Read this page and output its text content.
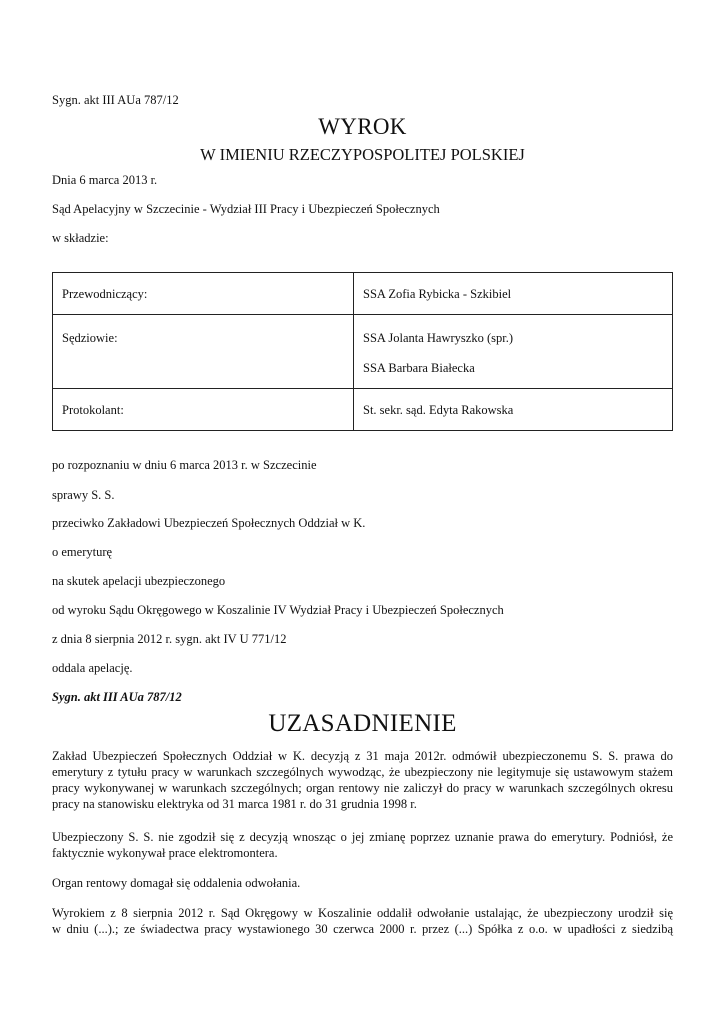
Sygn. akt III AUa 787/12
WYROK
W IMIENIU RZECZYPOSPOLITEJ POLSKIEJ
Dnia 6 marca 2013 r.
Sąd Apelacyjny w Szczecinie - Wydział III Pracy i Ubezpieczeń Społecznych
w składzie:
Przewodniczący:	SSA Zofia Rybicka - Szkibiel

Sędziowie:	SSA Jolanta Hawryszko (spr.)
SSA Barbara Białecka

Protokolant:	St. sekr. sąd. Edyta Rakowska
po rozpoznaniu w dniu 6 marca 2013 r. w Szczecinie
sprawy S. S.
przeciwko Zakładowi Ubezpieczeń Społecznych Oddział w K.
o emeryturę
na skutek apelacji ubezpieczonego
od wyroku Sądu Okręgowego w Koszalinie IV Wydział Pracy i Ubezpieczeń Społecznych
z dnia 8 sierpnia 2012 r. sygn. akt IV U 771/12
oddala apelację.
Sygn. akt III AUa 787/12
UZASADNIENIE
Zakład Ubezpieczeń Społecznych Oddział w K. decyzją z 31 maja 2012r. odmówił ubezpieczonemu S. S. prawa do
emerytury z tytułu pracy w warunkach szczególnych wywodząc, że ubezpieczony nie legitymuje się ustawowym stażem
pracy wykonywanej w warunkach szczególnych; organ rentowy nie zaliczył do pracy w warunkach szczególnych okresu
pracy na stanowisku elektryka od 31 marca 1981 r. do 31 grudnia 1998 r.
Ubezpieczony S. S. nie zgodził się z decyzją wnosząc o jej zmianę poprzez uznanie prawa do emerytury. Podniósł, że
faktycznie wykonywał prace elektromontera.
Organ rentowy domagał się oddalenia odwołania.
Wyrokiem z 8 sierpnia 2012 r. Sąd Okręgowy w Koszalinie oddalił odwołanie ustalając, że ubezpieczony urodził się
w dniu (...).; ze świadectwa pracy wystawionego 30 czerwca 2000 r. przez (...) Spółka z o.o. w upadłości z siedzibą
